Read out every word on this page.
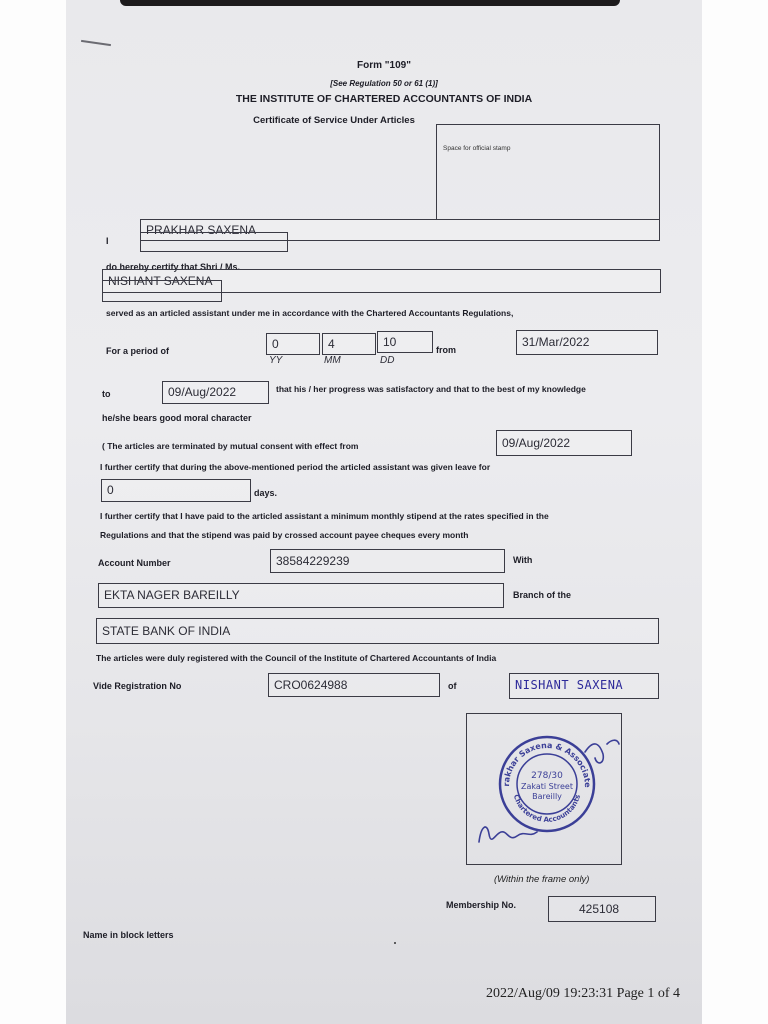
Form "109"
[See Regulation 50 or 61 (1)]
THE INSTITUTE OF CHARTERED ACCOUNTANTS OF INDIA
Certificate of Service Under Articles
Space for official stamp
I
PRAKHAR SAXENA
do hereby certify that Shri / Ms.
NISHANT SAXENA
served as an articled assistant under me in accordance with the Chartered Accountants Regulations,
For a period of	0	4	10
YY	MM	DD
from
31/Mar/2022
to	09/Aug/2022	that his / her progress was satisfactory and that to the best of my knowledge
he/she bears good moral character
( The articles are terminated by mutual consent with effect from	09/Aug/2022
I further certify that during the above-mentioned period the articled assistant was given leave for
0	days.
I further certify that I have paid to the articled assistant a minimum monthly stipend at the rates specified in the
Regulations and that the stipend was paid by crossed account payee cheques every month
Account Number	38584229239	With
EKTA NAGER BAREILLY	Branch of the
STATE BANK OF INDIA
The articles were duly registered with the Council of the Institute of Chartered Accountants of India
Vide Registration No	CRO0624988	of	NISHANT SAXENA
rakhar Saxena & Associate
Chartered Accountants
278/30
Zakati Street
Bareilly
(Within the frame only)
Membership No.	425108
Name in block letters
2022/Aug/09 19:23:31 Page 1 of 4
